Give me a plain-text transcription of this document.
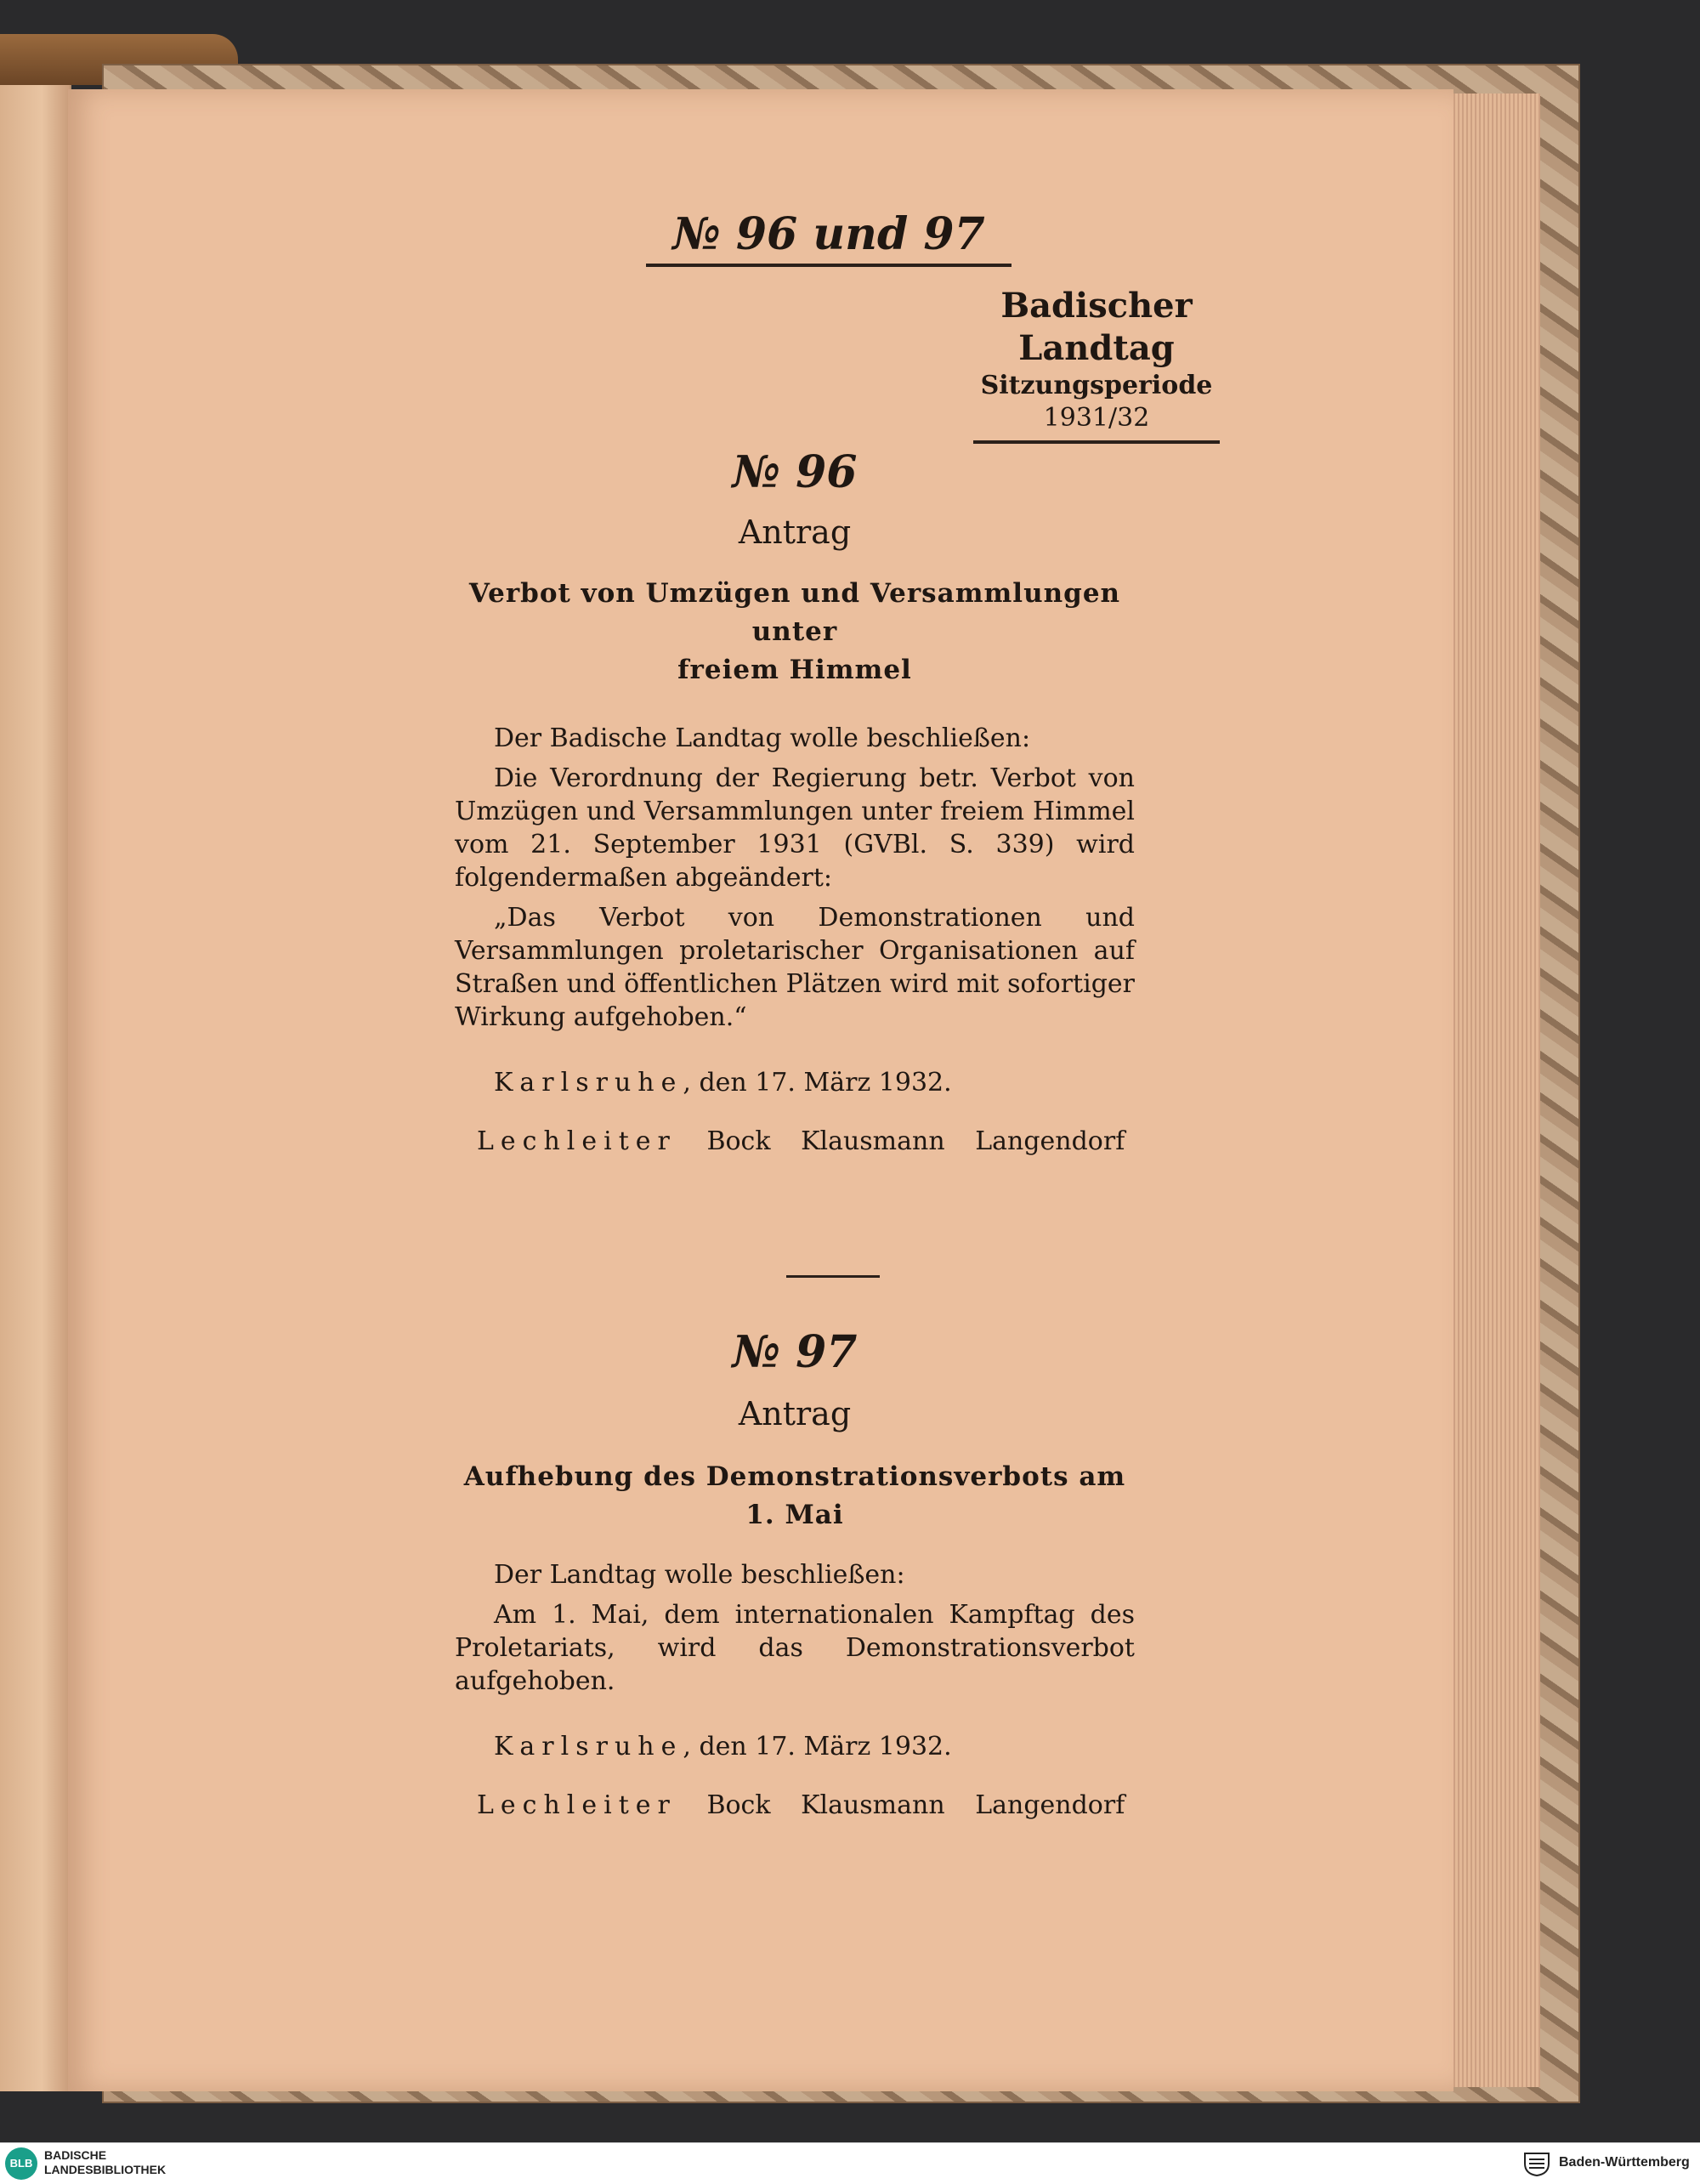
№ 96 und 97
Badischer Landtag
Sitzungsperiode
1931/32
№ 96
Antrag
Verbot von Umzügen und Versammlungen unter
freiem Himmel

Der Badische Landtag wolle beschließen:

Die Verordnung der Regierung betr. Verbot von Umzügen und Versammlungen unter freiem Himmel vom 21. September 1931 (GVBl. S. 339) wird folgendermaßen abgeändert:

„Das Verbot von Demonstrationen und Versammlungen proletarischer Organisationen auf Straßen und öffentlichen Plätzen wird mit sofortiger Wirkung aufgehoben.“

Karlsruhe, den 17. März 1932.
Lechleiter Bock Klausmann Langendorf
№ 97
Antrag
Aufhebung des Demonstrationsverbots am 1. Mai

Der Landtag wolle beschließen:

Am 1. Mai, dem internationalen Kampftag des Proletariats, wird das Demonstrationsverbot aufgehoben.

Karlsruhe, den 17. März 1932.
Lechleiter Bock Klausmann Langendorf
BLB
BADISCHE
LANDESBIBLIOTHEK	Baden-Württemberg
